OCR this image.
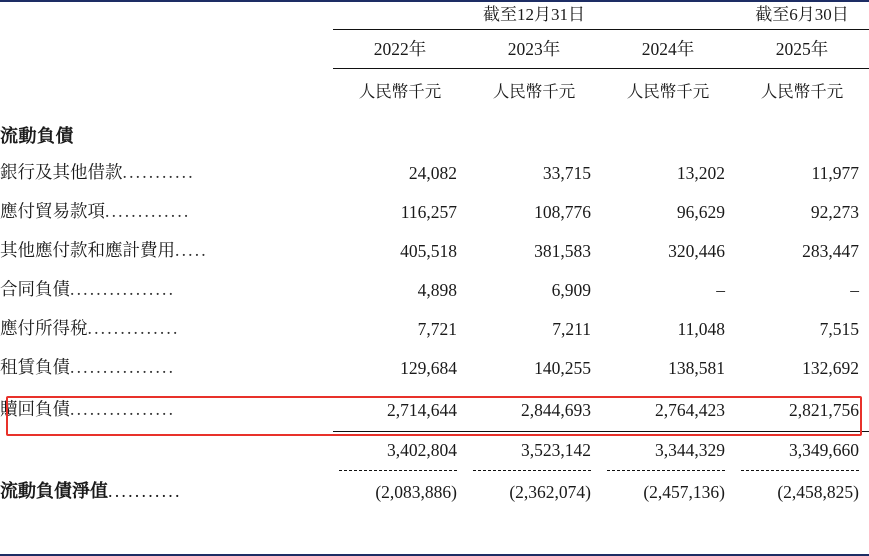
	截至12月31日			截至6月30日
	2022年	2023年	2024年	2025年
	人民幣千元	人民幣千元	人民幣千元	人民幣千元
流動負債				
銀行及其他借款...........	24,082	33,715	13,202	11,977
應付貿易款項.............	116,257	108,776	96,629	92,273
其他應付款和應計費用.....	405,518	381,583	320,446	283,447
合同負債................	4,898	6,909	–	–
應付所得稅..............	7,721	7,211	11,048	7,515
租賃負債................	129,684	140,255	138,581	132,692

贖回負債................	2,714,644	2,844,693	2,764,423	2,821,756
	3,402,804	3,523,142	3,344,329	3,349,660

流動負債淨值...........	(2,083,886)	(2,362,074)	(2,457,136)	(2,458,825)
